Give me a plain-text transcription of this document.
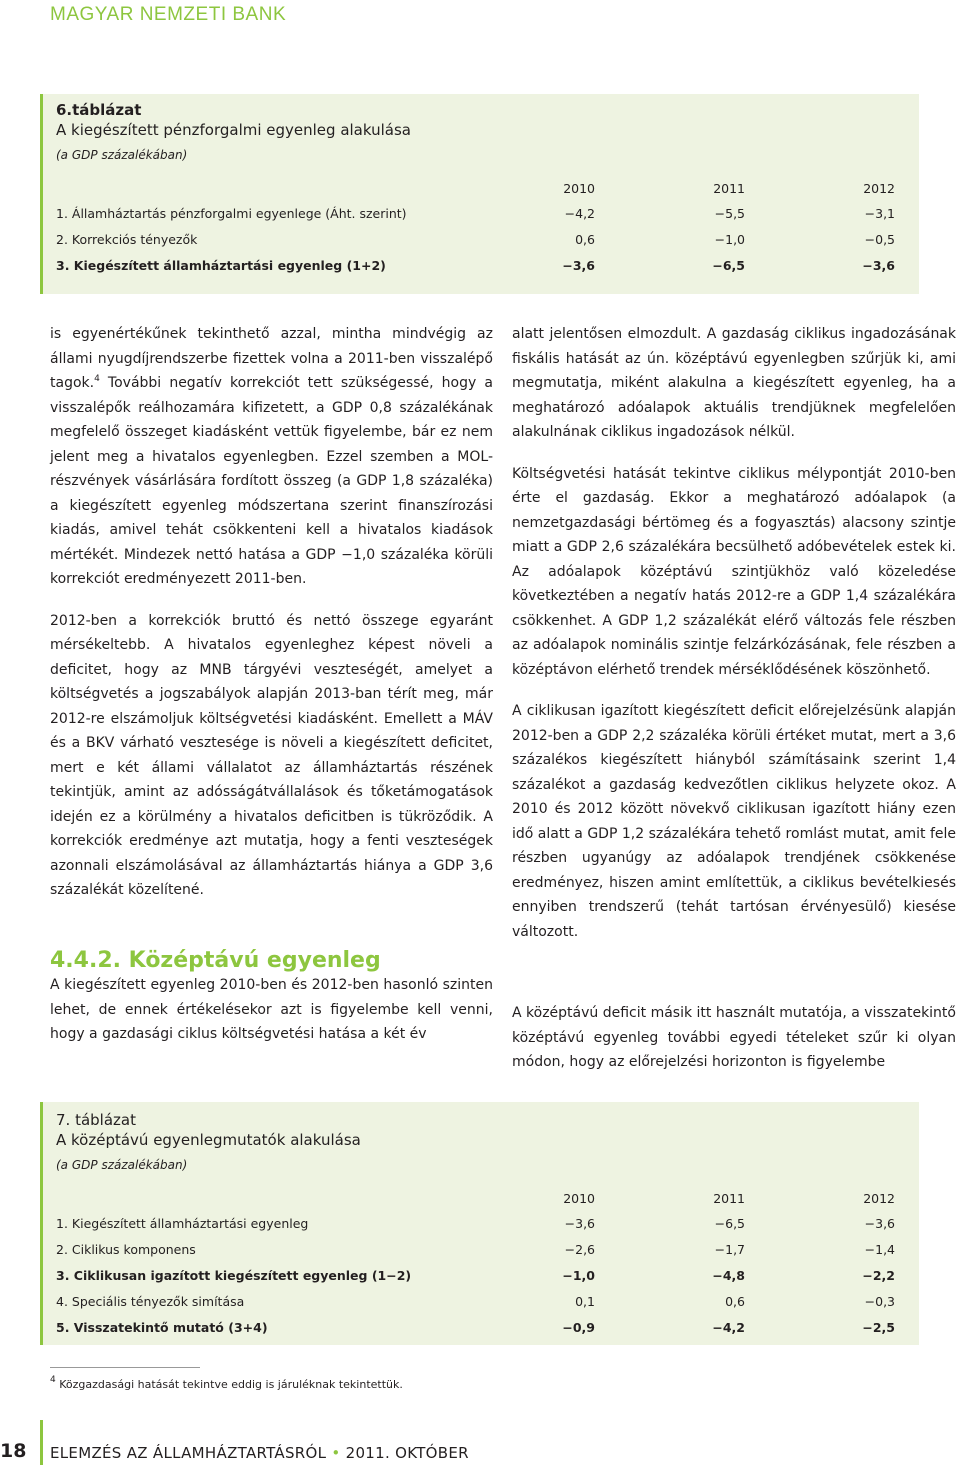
MAGYAR NEMZETI BANK
6.táblázat
A kiegészített pénzforgalmi egyenleg alakulása
(a GDP százalékában)
	2010	2011	2012
1. Államháztartás pénzforgalmi egyenlege (Áht. szerint)	−4,2	−5,5	−3,1
2. Korrekciós tényezők	0,6	−1,0	−0,5
3. Kiegészített államháztartási egyenleg (1+2)	−3,6	−6,5	−3,6

is egyenértékűnek tekinthető azzal, mintha mindvégig az állami nyugdíjrendszerbe fizettek volna a 2011-ben visszalépő tagok.$^4$ További negatív korrekciót tett szükségessé, hogy a visszalépők reálhozamára kifizetett, a GDP 0,8 százalékának megfelelő összeget kiadásként vettük figyelembe, bár ez nem jelent meg a hivatalos egyenlegben. Ezzel szemben a MOL-részvények vásárlására fordított összeg (a GDP 1,8 százaléka) a kiegészített egyenleg módszertana szerint finanszírozási kiadás, amivel tehát csökkenteni kell a hivatalos kiadások mértékét. Mindezek nettó hatása a GDP −1,0 százaléka körüli korrekciót eredményezett 2011-ben.

2012-ben a korrekciók bruttó és nettó összege egyaránt mérsékeltebb. A hivatalos egyenleghez képest növeli a deficitet, hogy az MNB tárgyévi veszteségét, amelyet a költségvetés a jogszabályok alapján 2013-ban térít meg, már 2012-re elszámoljuk költségvetési kiadásként. Emellett a MÁV és a BKV várható vesztesége is növeli a kiegészített deficitet, mert e két állami vállalatot az államháztartás részének tekintjük, amint az adósságátvállalások és tőketámogatások idején ez a körülmény a hivatalos deficitben is tükröződik. A korrekciók eredménye azt mutatja, hogy a fenti veszteségek azonnali elszámolásával az államháztartás hiánya a GDP 3,6 százalékát közelítené.

4.4.2. Középtávú egyenleg

A kiegészített egyenleg 2010-ben és 2012-ben hasonló szinten lehet, de ennek értékelésekor azt is figyelembe kell venni, hogy a gazdasági ciklus költségvetési hatása a két év

alatt jelentősen elmozdult. A gazdaság ciklikus ingadozásának fiskális hatását az ún. középtávú egyenlegben szűrjük ki, ami megmutatja, miként alakulna a kiegészített egyenleg, ha a meghatározó adóalapok aktuális trendjüknek megfelelően alakulnának ciklikus ingadozások nélkül.

Költségvetési hatását tekintve ciklikus mélypontját 2010-ben érte el gazdaság. Ekkor a meghatározó adóalapok (a nemzetgazdasági bértömeg és a fogyasztás) alacsony szintje miatt a GDP 2,6 százalékára becsülhető adóbevételek estek ki. Az adóalapok középtávú szintjükhöz való közeledése következtében a negatív hatás 2012-re a GDP 1,4 százalékára csökkenhet. A GDP 1,2 százalékát elérő változás fele részben az adóalapok nominális szintje felzárkózásának, fele részben a középtávon elérhető trendek mérséklődésének köszönhető.

A ciklikusan igazított kiegészített deficit előrejelzésünk alapján 2012-ben a GDP 2,2 százaléka körüli értéket mutat, mert a 3,6 százalékos kiegészített hiányból számításaink szerint 1,4 százalékot a gazdaság kedvezőtlen ciklikus helyzete okoz. A 2010 és 2012 között növekvő ciklikusan igazított hiány ezen idő alatt a GDP 1,2 százalékára tehető romlást mutat, amit fele részben ugyanúgy az adóalapok trendjének csökkenése eredményez, hiszen amint említettük, a ciklikus bevételkiesés ennyiben trendszerű (tehát tartósan érvényesülő) kiesése változott.

A középtávú deficit másik itt használt mutatója, a visszatekintő középtávú egyenleg további egyedi tételeket szűr ki olyan módon, hogy az előrejelzési horizonton is figyelembe

7. táblázat
A középtávú egyenlegmutatók alakulása
(a GDP százalékában)
	2010	2011	2012
1. Kiegészített államháztartási egyenleg	−3,6	−6,5	−3,6
2. Ciklikus komponens	−2,6	−1,7	−1,4
3. Ciklikusan igazított kiegészített egyenleg (1−2)	−1,0	−4,8	−2,2
4. Speciális tényezők simítása	0,1	0,6	−0,3
5. Visszatekintő mutató (3+4)	−0,9	−4,2	−2,5
$^4$ Közgazdasági hatását tekintve eddig is járuléknak tekintettük.
18 ELEMZÉS AZ ÁLLAMHÁZTARTÁSRÓL • 2011. OKTÓBER
